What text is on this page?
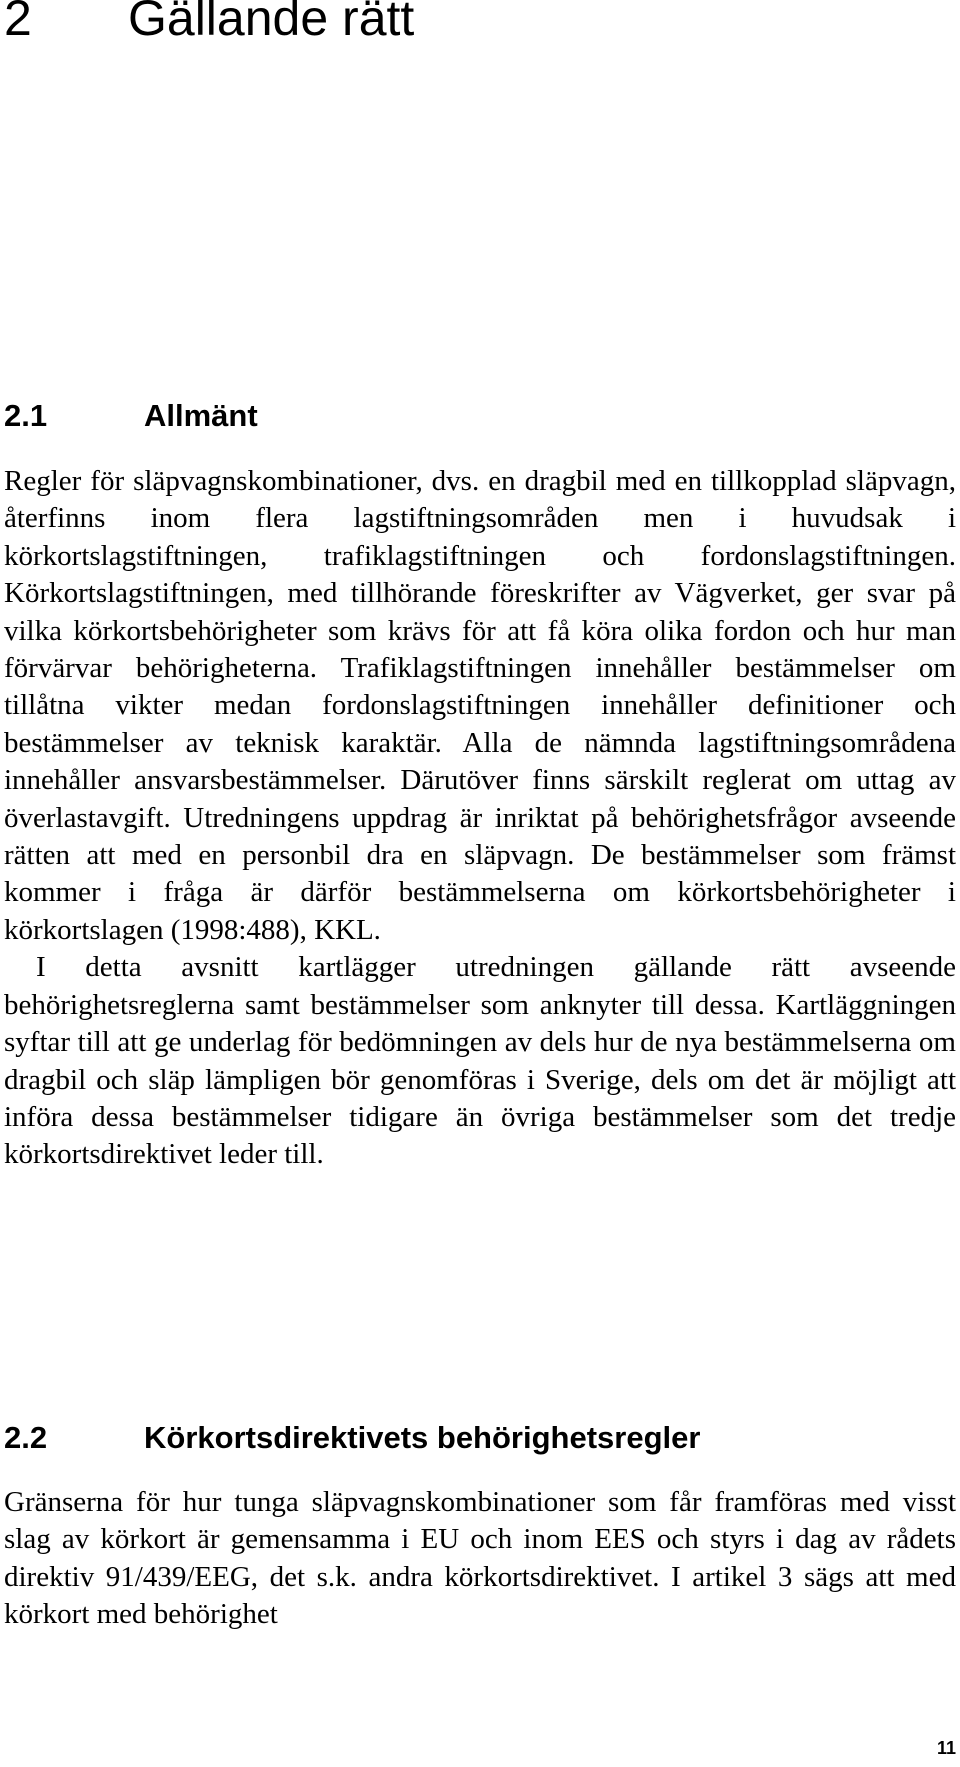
2 Gällande rätt
2.1	Allmänt

Regler för släpvagnskombinationer, dvs. en dragbil med en tillkopplad släpvagn, återfinns inom flera lagstiftningsområden men i huvudsak i körkortslagstiftningen, trafiklagstiftningen och fordonslagstiftningen. Körkortslagstiftningen, med tillhörande föreskrifter av Vägverket, ger svar på vilka körkortsbehörigheter som krävs för att få köra olika fordon och hur man förvärvar behörigheterna. Trafiklagstiftningen innehåller bestämmelser om tillåtna vikter medan fordonslagstiftningen innehåller definitioner och bestämmelser av teknisk karaktär. Alla de nämnda lagstiftningsområdena innehåller ansvarsbestämmelser. Därutöver finns särskilt reglerat om uttag av överlastavgift. Utredningens uppdrag är inriktat på behörighetsfrågor avseende rätten att med en personbil dra en släpvagn. De bestämmelser som främst kommer i fråga är därför bestämmelserna om körkortsbehörigheter i körkortslagen (1998:488), KKL.

I detta avsnitt kartlägger utredningen gällande rätt avseende behörighetsreglerna samt bestämmelser som anknyter till dessa. Kartläggningen syftar till att ge underlag för bedömningen av dels hur de nya bestämmelserna om dragbil och släp lämpligen bör genomföras i Sverige, dels om det är möjligt att införa dessa bestämmelser tidigare än övriga bestämmelser som det tredje körkortsdirektivet leder till.

2.2	Körkortsdirektivets behörighetsregler

Gränserna för hur tunga släpvagnskombinationer som får framföras med visst slag av körkort är gemensamma i EU och inom EES och styrs i dag av rådets direktiv 91/439/EEG, det s.k. andra körkortsdirektivet. I artikel 3 sägs att med körkort med behörighet

11
